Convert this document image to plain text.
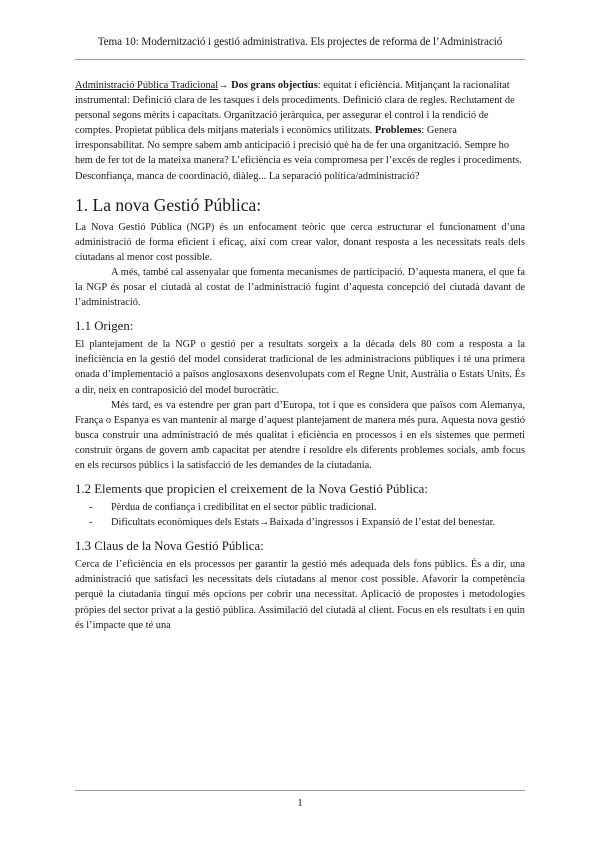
Tema 10: Modernització i gestió administrativa. Els projectes de reforma de l’Administració

Administració Pública Tradicional→ Dos grans objectius: equitat i eficiència. Mitjançant la racionalitat instrumental: Definició clara de les tasques i dels procediments. Definició clara de regles. Reclutament de personal segons mèrits i capacitats. Organització jeràrquica, per assegurar el control i la rendició de comptes. Propietat pública dels mitjans materials i econòmics utilitzats. Problemes: Genera irresponsabilitat. No sempre sabem amb anticipació i precisió què ha de fer una organització. Sempre ho hem de fer tot de la mateixa manera? L’eficiència es veia compromesa per l’excés de regles i procediments. Desconfiança, manca de coordinació, diàleg... La separació política/administració?

1. La nova Gestió Pública:

La Nova Gestió Pública (NGP) és un enfocament teòric que cerca estructurar el funcionament d’una administració de forma eficient i eficaç, així com crear valor, donant resposta a les necessitats reals dels ciutadans al menor cost possible.

A més, també cal assenyalar que fomenta mecanismes de participació. D’aquesta manera, el que fa la NGP és posar el ciutadà al costat de l’administració fugint d’aquesta concepció del ciutadà davant de l’administració.

1.1 Origen:

El plantejament de la NGP o gestió per a resultats sorgeix a la dècada dels 80 com a resposta a la ineficiència en la gestió del model considerat tradicional de les administracions públiques i té una primera onada d’implementació a països anglosaxons desenvolupats com el Regne Unit, Austràlia o Estats Units. És a dir, neix en contraposició del model burocràtic.

Més tard, es va estendre per gran part d’Europa, tot i que es considera que països com Alemanya, França o Espanya es van mantenir al marge d’aquest plantejament de manera més pura. Aquesta nova gestió busca construir una administració de més qualitat i eficiència en processos i en els sistemes que permeti construir òrgans de govern amb capacitat per atendre i resoldre els diferents problemes socials, amb focus en els recursos públics i la satisfacció de les demandes de la ciutadania.

1.2 Elements que propicien el creixement de la Nova Gestió Pública:
- Pèrdua de confiança i credibilitat en el sector públic tradicional.
- Dificultats econòmiques dels Estats→Baixada d’ingressos i Expansió de l’estat del benestar.
1.3 Claus de la Nova Gestió Pública:

Cerca de l’eficiència en els processos per garantir la gestió més adequada dels fons públics. És a dir, una administració que satisfaci les necessitats dels ciutadans al menor cost possible. Afavorir la competència perquè la ciutadania tingui més opcions per cobrir una necessitat. Aplicació de propostes i metodologies pròpies del sector privat a la gestió pública. Assimilació del ciutadà al client. Focus en els resultats i en quin és l’impacte que té una

1
